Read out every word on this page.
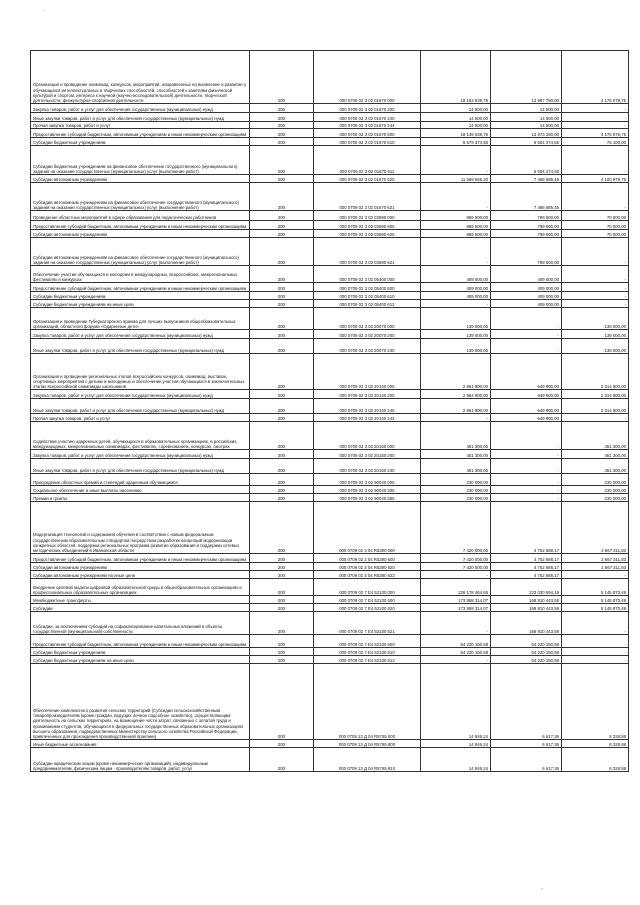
`
,
Организация и проведение олимпиад, конкурсов, мероприятий, направленных на выявление и развитие у обучающихся интеллектуальных и творческих способностей, способностей к занятиям физической культурой и спортом, интереса к научной (научно-исследовательской) деятельности, творческой деятельности, физкультурно-спортивной деятельности	200	000 0709 02 3 02 01670 000	18 153 539,75	13 987 780,00	4 176 079,75
Закупка товаров, работ и услуг для обеспечения государственных (муниципальных) нужд	200	000 0709 02 3 02 01670 200	14 500,00	14 500,00	-
Иные закупки товаров, работ и услуг для обеспечения государственных (муниципальных) нужд	200	000 0709 02 3 02 01670 240	14 500,00	14 500,00	-
Прочая закупка товаров, работ и услуг	200	000 0709 02 3 02 01670 244	14 500,00	14 500,00	-
Предоставление субсидий бюджетным, автономным учреждениям и иным некоммерческим организациям	200	000 0709 02 3 02 01670 600	18 149 039,75	13 973 280,00	4 175 579,75
Субсидии бюджетным учреждениям	200	000 0709 02 3 02 01670 610	6 579 374,55	6 504 274,55	75 100,00
Субсидии бюджетным учреждениям на финансовое обеспечение государственного (муниципального) задания на оказание государственных (муниципальных) услуг (выполнение работ)	200	000 0709 02 3 02 01670 611	-	6 504 274,55	-
Субсидии автономным учреждениям	200	000 0709 02 3 02 01670 620	11 569 665,20	7 468 685,45	4 100 979,75
Субсидии автономным учреждениям на финансовое обеспечение государственного (муниципального) задания на оказание государственных (муниципальных) услуг (выполнение работ)	200	000 0709 02 3 02 01670 621	-	7 468 685,45	-
Проведение областных мероприятий в сфере образования для педагогических работников	200	000 0709 02 3 02 03590 000	869 500,00	799 500,00	70 000,00
Предоставление субсидий бюджетным, автономным учреждениям и иным некоммерческим организациям	200	000 0709 02 3 02 03590 600	869 500,00	799 500,00	70 000,00
Субсидии автономным учреждениям	200	000 0709 02 3 02 03590 620	869 500,00	799 500,00	70 000,00
Субсидии автономным учреждениям на финансовое обеспечение государственного (муниципального) задания на оказание государственных (муниципальных) услуг (выполнение работ)	200	000 0709 02 3 02 03590 621	-	799 500,00	-
Обеспечение участия обучающихся и молодежи в международных, всероссийских, межрегиональных фестивалях и конкурсах	200	000 0709 02 3 02 05400 000	409 000,00	409 000,00	-
Предоставление субсидий бюджетным, автономным учреждениям и иным некоммерческим организациям	200	000 0709 02 3 02 05400 600	409 000,00	409 000,00	-
Субсидии бюджетным учреждениям	200	000 0709 02 3 02 05400 610	409 000,00	409 000,00	-
Субсидии бюджетным учреждениям на иные цели	200	000 0709 02 3 02 05400 612	-	409 000,00	-
Организация и проведение Губернаторского приема для лучших выпускников общеобразовательных организаций, областного форума «Одаренные дети»	200	000 0709 02 3 02 20070 000	139 000,00	-	139 000,00
Закупка товаров, работ и услуг для обеспечения государственных (муниципальных) нужд	200	000 0709 02 3 02 20070 200	139 000,00	-	139 000,00
Иные закупки товаров, работ и услуг для обеспечения государственных (муниципальных) нужд	200	000 0709 02 3 02 20070 240	139 000,00	-	139 000,00
Организация и проведение региональных этапов всероссийских конкурсов, олимпиад, выставок, спортивных мероприятий с детьми и молодежью и обеспечение участия обучающихся в заключительных этапах всероссийской олимпиады школьников	200	000 0709 02 3 02 20140 000	2 964 900,00	649 900,00	2 314 900,00
Закупка товаров, работ и услуг для обеспечения государственных (муниципальных) нужд	200	000 0709 02 3 02 20140 200	2 964 900,00	649 900,00	2 314 900,00
Иные закупки товаров, работ и услуг для обеспечения государственных (муниципальных) нужд	200	000 0709 02 3 02 20140 240	2 964 900,00	649 900,00	2 314 900,00
Прочая закупка товаров, работ и услуг	200	000 0709 02 3 02 20140 244	-	649 900,00	-
Содействие участию одаренных детей, обучающихся в образовательных организациях, в российских, международных, межрегиональных олимпиадах, фестивалях, соревнованиях, конкурсах, смотрах	200	000 0709 02 3 02 20150 000	451 300,00	-	451 300,00
Закупка товаров, работ и услуг для обеспечения государственных (муниципальных) нужд	200	000 0709 02 3 02 20150 200	451 300,00	-	451 300,00
Иные закупки товаров, работ и услуг для обеспечения государственных (муниципальных) нужд	200	000 0709 02 3 02 20150 240	451 300,00	-	451 300,00
Присуждение областных премий и стипендий одаренным обучающимся	200	000 0709 02 3 02 90040 000	230 000,00	-	230 000,00
Социальное обеспечение и иные выплаты населению	200	000 0709 02 3 02 90040 300	230 000,00	-	230 000,00
Премии и гранты	200	000 0709 02 3 02 90040 350	230 000,00	-	230 000,00
Модернизация технологий и содержания обучения в соответствии с новым федеральным государственным образовательным стандартом посредством разработки концепций модернизации конкретных областей, поддержки региональных программ развития образования и поддержки сетевых методических объединений в Ивановской области	200	000 0709 02 3 04 R5390 000	7 420 000,00	4 752 688,17	2 667 311,83
Предоставление субсидий бюджетным, автономным учреждениям и иным некоммерческим организациям	200	000 0709 02 3 04 R5390 600	7 420 000,00	4 752 688,17	2 667 311,83
Субсидии автономным учреждениям	200	000 0709 02 3 04 R5390 620	7 420 000,00	4 752 688,17	2 667 311,83
Субсидии автономным учреждениям на иные цели	200	000 0709 02 3 04 R5390 622	-	4 752 688,17	-
Внедрение целевой модели цифровой образовательной среды в общеобразовательных организациях и профессиональных образовательных организациях	200	000 0709 02 7 E4 52100 000	228 178 464,65	223 030 594,16	5 145 870,49
Межбюджетные трансферты	200	000 0709 02 7 E4 52100 500	173 958 314,07	168 810 443,58	5 145 870,49
Субсидии	200	000 0709 02 7 E4 52100 520	173 958 314,07	168 810 443,58	5 145 870,49
Субсидии, за исключением субсидий на софинансирование капитальных вложений в объекты государственной (муниципальной) собственности	200	000 0709 02 7 E4 52100 521	-	168 810 443,58	-
Предоставление субсидий бюджетным, автономным учреждениям и иным некоммерческим организациям	200	000 0709 02 7 E4 52100 600	54 220 150,58	54 220 150,58	-
Субсидии бюджетным учреждениям	200	000 0709 02 7 E4 52100 610	54 220 150,58	54 220 150,58	-
Субсидии бюджетным учреждениям на иные цели	200	000 0709 02 7 E4 52100 612	-	54 220 150,58	-
Обеспечение комплексного развития сельских территорий (Субсидии сельскохозяйственным товаропроизводителям (кроме граждан, ведущих личное подсобное хозяйство), осуществляющим деятельность на сельских территориях, на возмещение части затрат, связанных с оплатой труда и проживанием студентов, обучающихся в федеральных государственных образовательных организациях высшего образования, подведомственных Министерству сельского хозяйства Российской Федерации, привлеченных для прохождения производственной практики)	200	000 0709 13 Д 04 R5765 000	14 946,24	6 617,36	8 328,88
Иные бюджетные ассигнования	200	000 0709 13 Д 04 R5765 800	14 946,24	6 617,36	8 328,88
Субсидии юридическим лицам (кроме некоммерческих организаций), индивидуальным предпринимателям, физическим лицам - производителям товаров, работ, услуг	200	000 0709 13 Д 04 R5765 810	14 946,24	6 617,36	8 328,88
